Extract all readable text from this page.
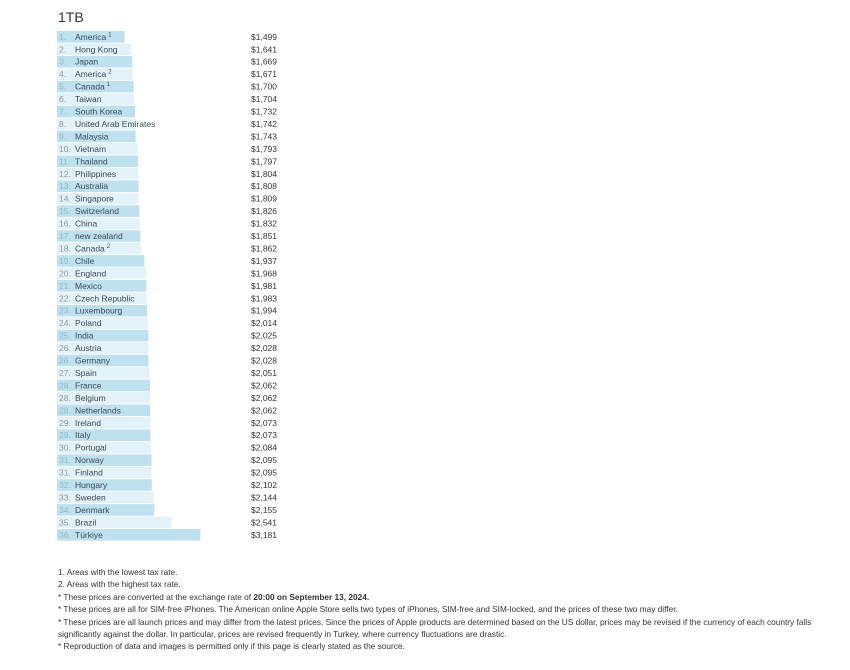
1TB
1. America 1	$1,499
2. Hong Kong	$1,641
3. Japan	$1,669
4. America 2	$1,671
5. Canada 1	$1,700
6. Taiwan	$1,704
7. South Korea	$1,732
8. United Arab Emirates	$1,742
9. Malaysia	$1,743
10. Vietnam	$1,793
11. Thailand	$1,797
12. Philippines	$1,804
13. Australia	$1,808
14. Singapore	$1,809
15. Switzerland	$1,826
16. China	$1,832
17. new zealand	$1,851
18. Canada 2	$1,862
19. Chile	$1,937
20. England	$1,968
21. Mexico	$1,981
22. Czech Republic	$1,983
23. Luxembourg	$1,994
24. Poland	$2,014
25. India	$2,025
26. Austria	$2,028
26. Germany	$2,028
27. Spain	$2,051
28. France	$2,062
28. Belgium	$2,062
28. Netherlands	$2,062
29. Ireland	$2,073
29. Italy	$2,073
30. Portugal	$2,084
31. Norway	$2,095
31. Finland	$2,095
32. Hungary	$2,102
33. Sweden	$2,144
34. Denmark	$2,155
35. Brazil	$2,541
36. Türkiye	$3,181
1. Areas with the lowest tax rate.
2. Areas with the highest tax rate.
* These prices are converted at the exchange rate of 20:00 on September 13, 2024.
* These prices are all for SIM-free iPhones. The American online Apple Store sells two types of iPhones, SIM-free and SIM-locked, and the prices of these two may differ.
* These prices are all launch prices and may differ from the latest prices. Since the prices of Apple products are determined based on the US dollar, prices may be revised if the currency of each country falls significantly against the dollar. In particular, prices are revised frequently in Turkey, where currency fluctuations are drastic.
* Reproduction of data and images is permitted only if this page is clearly stated as the source.
